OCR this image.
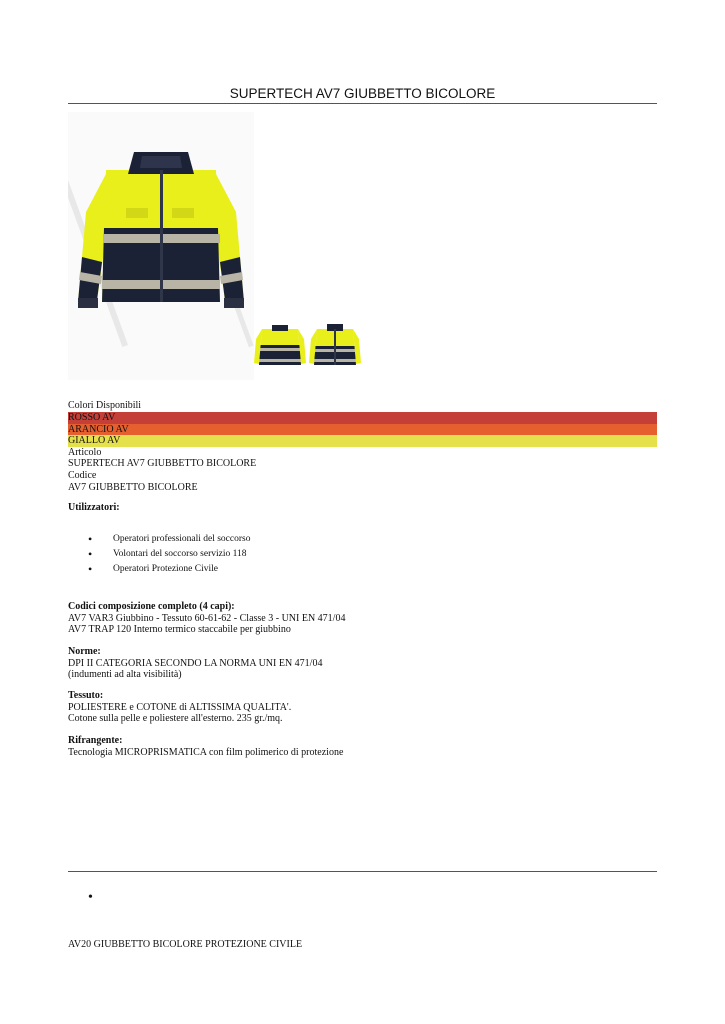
SUPERTECH AV7 GIUBBETTO BICOLORE
Colori Disponibili
ROSSO AV
ARANCIO AV
GIALLO AV
Articolo
SUPERTECH AV7 GIUBBETTO BICOLORE
Codice
AV7 GIUBBETTO BICOLORE
Utilizzatori:
• Operatori professionali del soccorso
• Volontari del soccorso servizio 118
• Operatori Protezione Civile
Codici composizione completo (4 capi):
AV7 VAR3 Giubbino - Tessuto 60-61-62 - Classe 3 - UNI EN 471/04
AV7 TRAP 120 Interno termico staccabile per giubbino
Norme:
DPI II CATEGORIA SECONDO LA NORMA UNI EN 471/04
(indumenti ad alta visibilità)
Tessuto:
POLIESTERE e COTONE di ALTISSIMA QUALITA'.
Cotone sulla pelle e poliestere all'esterno. 235 gr./mq.
Rifrangente:
Tecnologia MICROPRISMATICA con film polimerico di protezione
•
AV20 GIUBBETTO BICOLORE PROTEZIONE CIVILE
